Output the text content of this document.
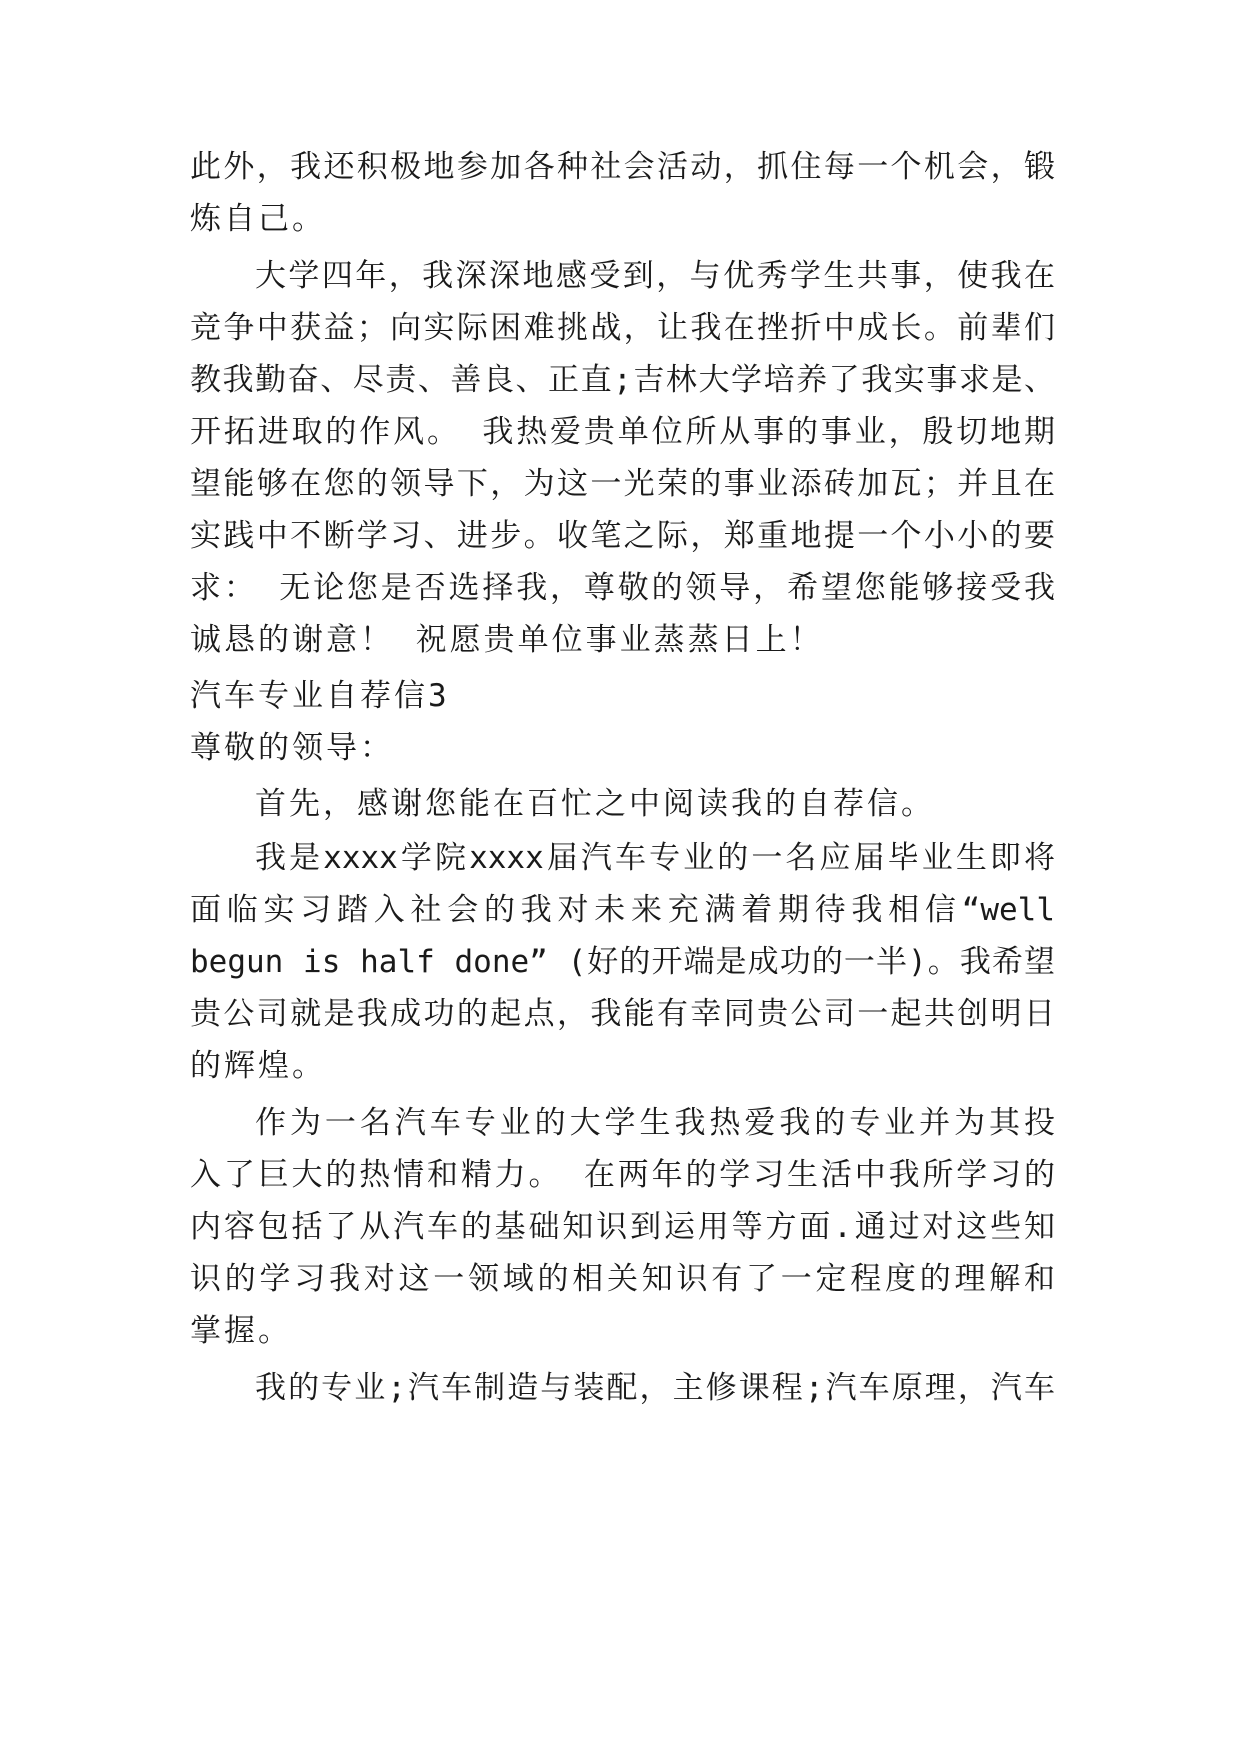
此外，我还积极地参加各种社会活动，抓住每一个机会，锻
炼自己。
大学四年，我深深地感受到，与优秀学生共事，使我在
竞争中获益；向实际困难挑战，让我在挫折中成长。前辈们
教我勤奋、尽责、善良、正直;吉林大学培养了我实事求是、
开拓进取的作风。 我热爱贵单位所从事的事业，殷切地期
望能够在您的领导下，为这一光荣的事业添砖加瓦；并且在
实践中不断学习、进步。收笔之际，郑重地提一个小小的要
求： 无论您是否选择我，尊敬的领导，希望您能够接受我
诚恳的谢意！ 祝愿贵单位事业蒸蒸日上！
汽车专业自荐信3
尊敬的领导：
首先，感谢您能在百忙之中阅读我的自荐信。
我是xxxx学院xxxx届汽车专业的一名应届毕业生即将
面临实习踏入社会的我对未来充满着期待我相信“well
begun is half done” (好的开端是成功的一半)。我希望
贵公司就是我成功的起点，我能有幸同贵公司一起共创明日
的辉煌。
作为一名汽车专业的大学生我热爱我的专业并为其投
入了巨大的热情和精力。 在两年的学习生活中我所学习的
内容包括了从汽车的基础知识到运用等方面.通过对这些知
识的学习我对这一领域的相关知识有了一定程度的理解和
掌握。
我的专业;汽车制造与装配，主修课程;汽车原理，汽车
